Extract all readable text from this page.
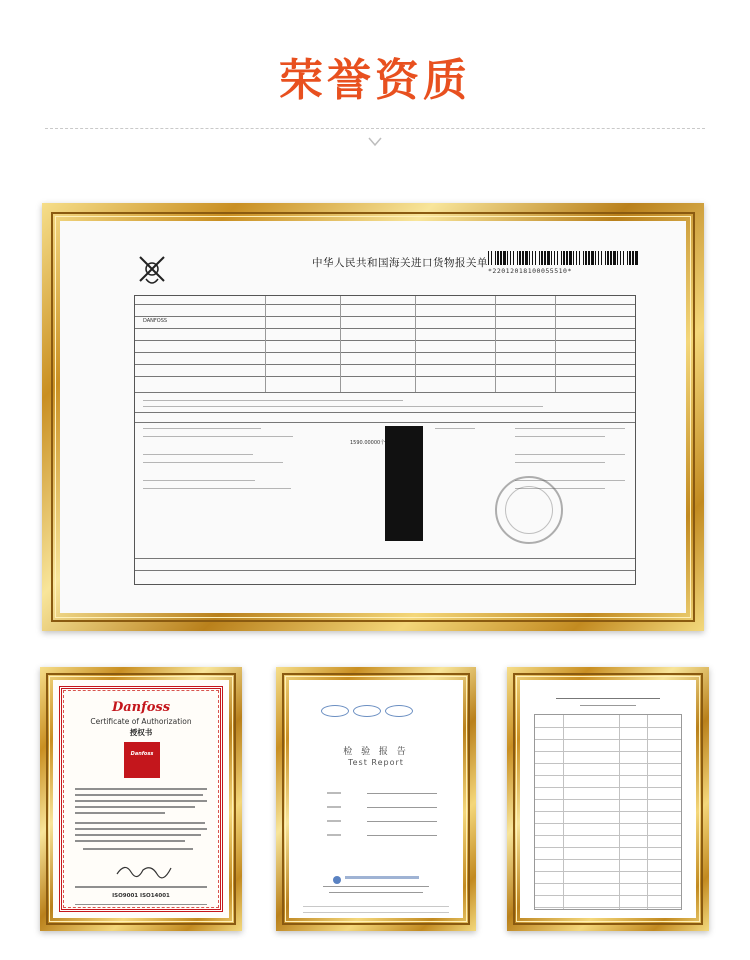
荣誉资质
中华人民共和国海关进口货物报关单
*22012018100055510*
DANFOSS
1590.00000个
Danfoss
Certificate of Authorization
授权书
Danfoss
ISO9001 ISO14001
检 验 报 告
Test Report
